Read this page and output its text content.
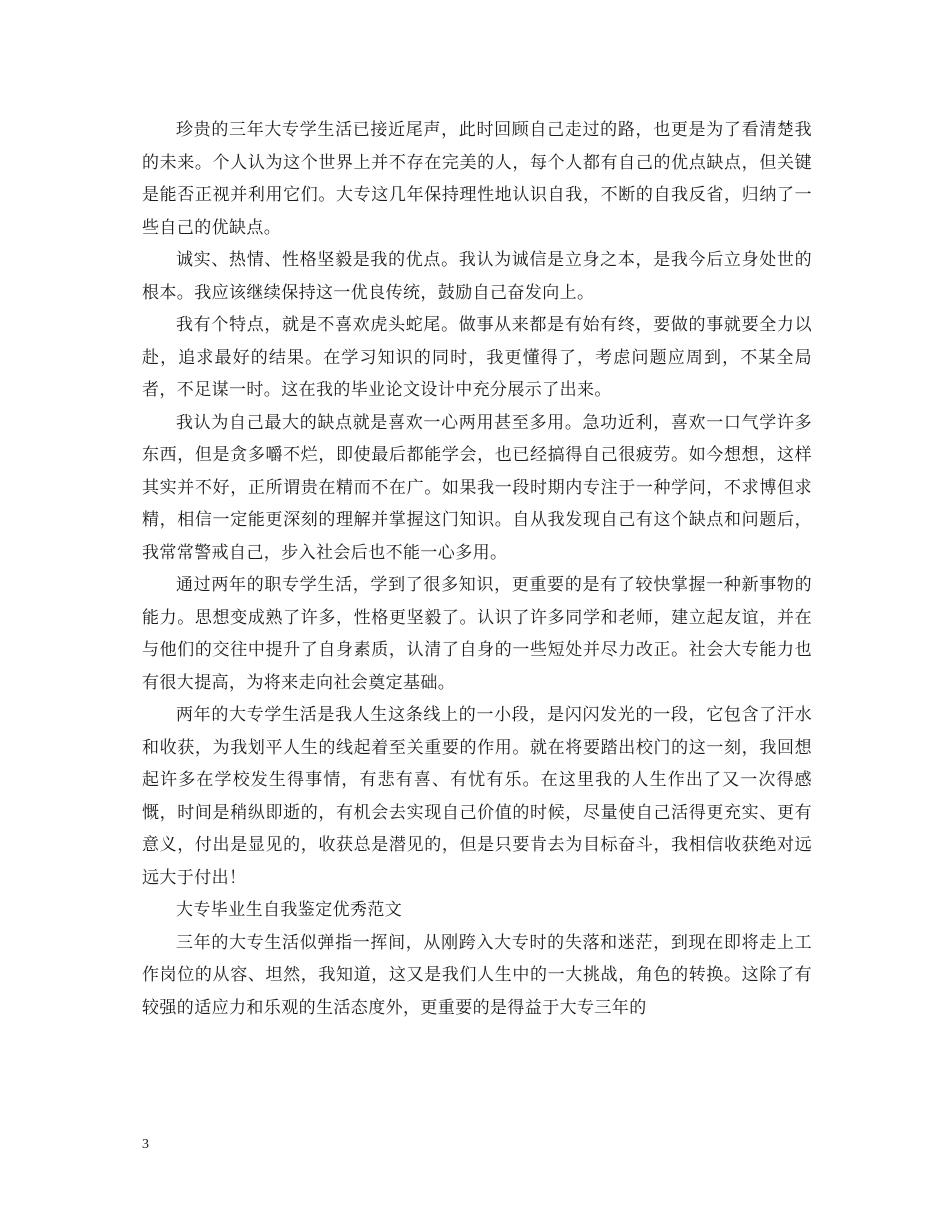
珍贵的三年大专学生活已接近尾声，此时回顾自己走过的路，也更是为了看清楚我的未来。个人认为这个世界上并不存在完美的人，每个人都有自己的优点缺点，但关键是能否正视并利用它们。大专这几年保持理性地认识自我，不断的自我反省，归纳了一些自己的优缺点。

诚实、热情、性格坚毅是我的优点。我认为诚信是立身之本，是我今后立身处世的根本。我应该继续保持这一优良传统，鼓励自己奋发向上。

我有个特点，就是不喜欢虎头蛇尾。做事从来都是有始有终，要做的事就要全力以赴，追求最好的结果。在学习知识的同时，我更懂得了，考虑问题应周到，不某全局者，不足谋一时。这在我的毕业论文设计中充分展示了出来。

我认为自己最大的缺点就是喜欢一心两用甚至多用。急功近利，喜欢一口气学许多东西，但是贪多嚼不烂，即使最后都能学会，也已经搞得自己很疲劳。如今想想，这样其实并不好，正所谓贵在精而不在广。如果我一段时期内专注于一种学问，不求博但求精，相信一定能更深刻的理解并掌握这门知识。自从我发现自己有这个缺点和问题后，我常常警戒自己，步入社会后也不能一心多用。

通过两年的职专学生活，学到了很多知识，更重要的是有了较快掌握一种新事物的能力。思想变成熟了许多，性格更坚毅了。认识了许多同学和老师，建立起友谊，并在与他们的交往中提升了自身素质，认清了自身的一些短处并尽力改正。社会大专能力也有很大提高，为将来走向社会奠定基础。

两年的大专学生活是我人生这条线上的一小段，是闪闪发光的一段，它包含了汗水和收获，为我划平人生的线起着至关重要的作用。就在将要踏出校门的这一刻，我回想起许多在学校发生得事情，有悲有喜、有忧有乐。在这里我的人生作出了又一次得感慨，时间是稍纵即逝的，有机会去实现自己价值的时候，尽量使自己活得更充实、更有意义，付出是显见的，收获总是潜见的，但是只要肯去为目标奋斗，我相信收获绝对远远大于付出！

大专毕业生自我鉴定优秀范文

三年的大专生活似弹指一挥间，从刚跨入大专时的失落和迷茫，到现在即将走上工作岗位的从容、坦然，我知道，这又是我们人生中的一大挑战，角色的转换。这除了有较强的适应力和乐观的生活态度外，更重要的是得益于大专三年的

3
